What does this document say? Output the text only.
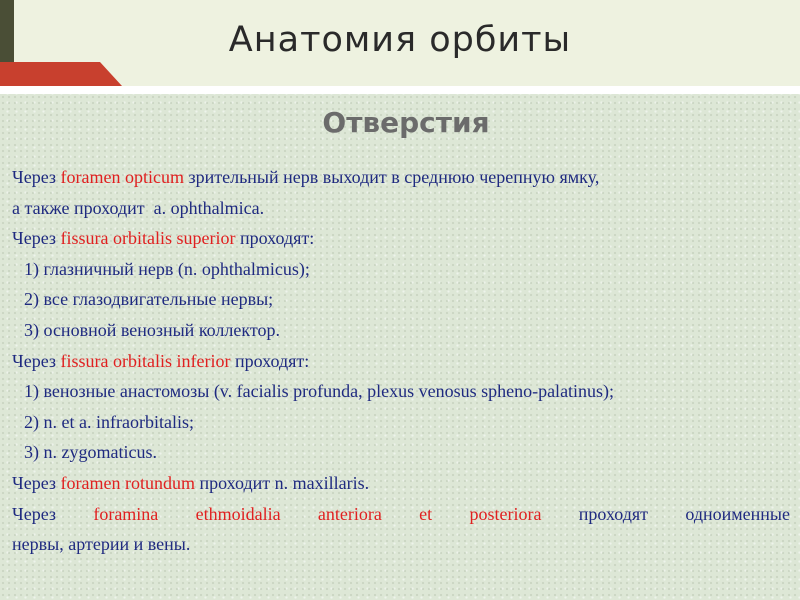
Анатомия орбиты
Отверстия
Через foramen opticum зрительный нерв выходит в среднюю черепную ямку,
а также проходит  a. ophthalmica.
Через fissura orbitalis superior проходят:
1) глазничный нерв (n. ophthalmicus);
2) все глазодвигательные нервы;
3) основной венозный коллектор.
Через fissura orbitalis inferior проходят:
1) венозные анастомозы (v. facialis profunda, plexus venosus spheno-palatinus);
2) n. et a. infraorbitalis;
3) n. zygomaticus.
Через foramen rotundum проходит n. maxillaris.
Через foramina ethmoidalia anteriora et posteriora проходят одноименные
нервы, артерии и вены.
